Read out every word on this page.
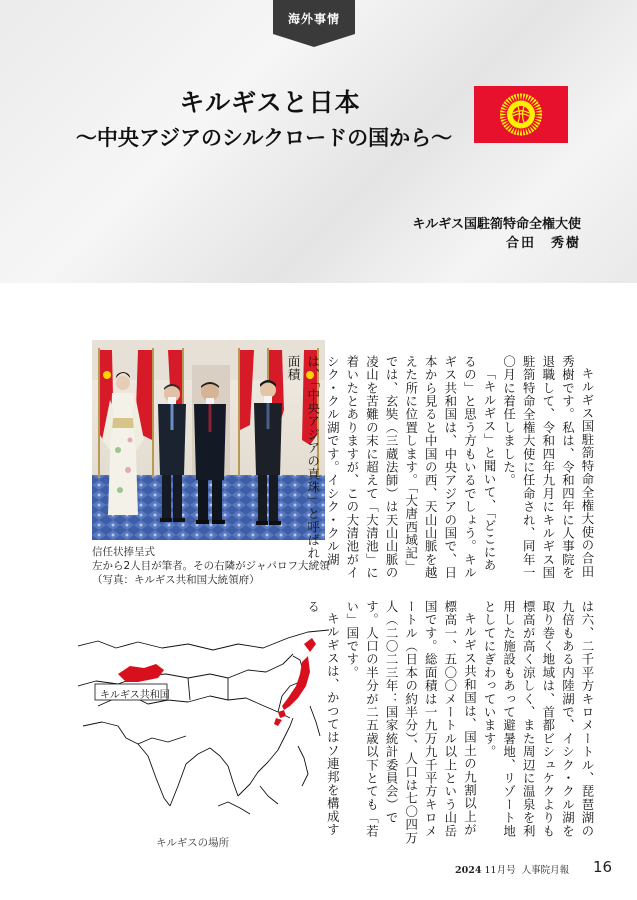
海外事情
キルギスと日本
〜中央アジアのシルクロードの国から〜
キルギス国駐箚特命全権大使
合田　秀樹
信任状捧呈式
左から2人目が筆者。その右隣がジャパロフ大統領
（写真：キルギス共和国大統領府）
キルギス共和国
キルギスの場所

キルギス国駐箚特命全権大使の合田秀樹です。私は、令和四年に人事院を退職して、令和四年九月にキルギス国駐箚特命全権大使に任命され、同年一〇月に着任しました。

「キルギス」と聞いて、「どこにあるの」と思う方もいるでしょう。キルギス共和国は、中央アジアの国で、日本から見ると中国の西、天山山脈を越えた所に位置します。「大唐西域記」では、玄奘（三蔵法師）は天山山脈の凌山を苦難の末に超えて「大清池」に着いたとありますが、この大清池がイシク・クル湖です。イシク・クル湖は、「中央アジアの真珠」と呼ばれ、面積

は六、二千平方キロメートル、琵琶湖の九倍もある内陸湖で、イシク・クル湖を取り巻く地域は、首都ビシュケクよりも標高が高く涼しく、また周辺に温泉を利用した施設もあって避暑地、リゾート地としてにぎわっています。

キルギス共和国は、国土の九割以上が標高一、五〇〇メートル以上という山岳国です。総面積は一九万九千平方キロメートル（日本の約半分）、人口は七〇四万人（二〇二三年：国家統計委員会）です。人口の半分が二五歳以下とても「若い」国です。

キルギスは、かつてはソ連邦を構成する

2024 11月号 人事院月報 16
